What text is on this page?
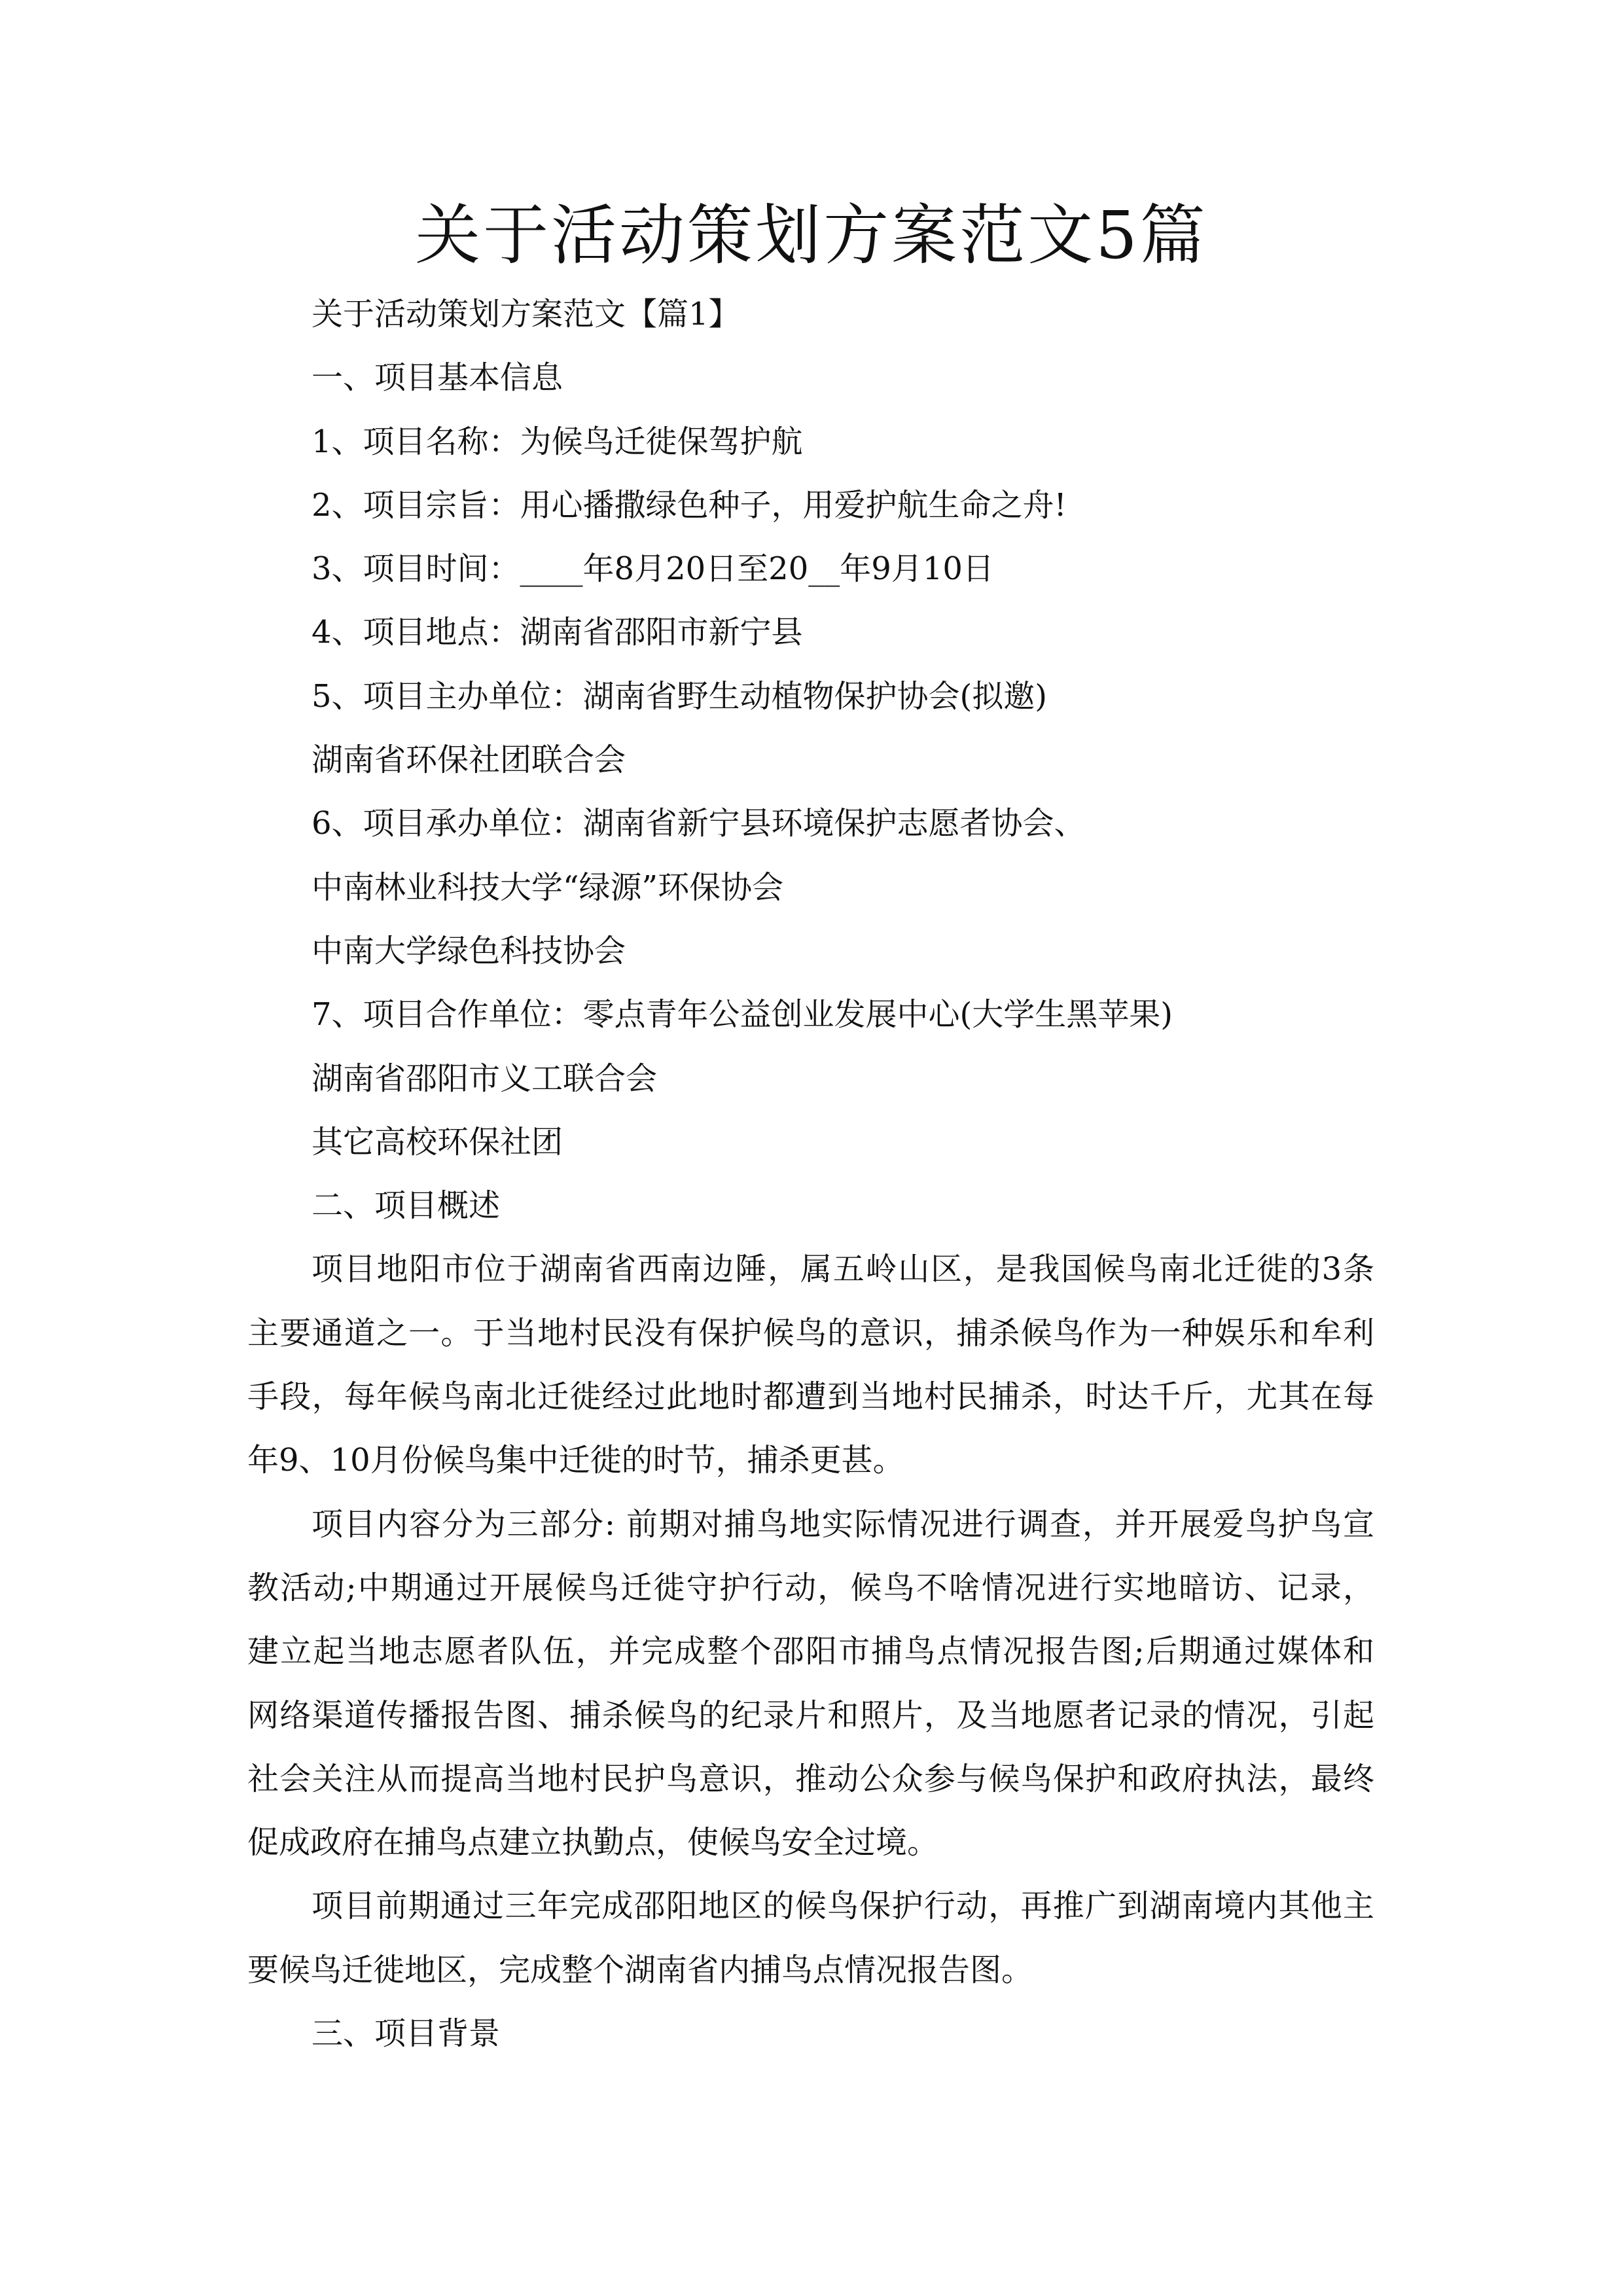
关于活动策划方案范文5篇
关于活动策划方案范文【篇1】
一、项目基本信息
1、项目名称：为候鸟迁徙保驾护航
2、项目宗旨：用心播撒绿色种子，用爱护航生命之舟!
3、项目时间：____年8月20日至20__年9月10日
4、项目地点：湖南省邵阳市新宁县
5、项目主办单位：湖南省野生动植物保护协会(拟邀)
湖南省环保社团联合会
6、项目承办单位：湖南省新宁县环境保护志愿者协会、
中南林业科技大学“绿源”环保协会
中南大学绿色科技协会
7、项目合作单位：零点青年公益创业发展中心(大学生黑苹果)
湖南省邵阳市义工联合会
其它高校环保社团
二、项目概述
项目地阳市位于湖南省西南边陲，属五岭山区，是我国候鸟南北迁徙的3条
主要通道之一。于当地村民没有保护候鸟的意识，捕杀候鸟作为一种娱乐和牟利
手段，每年候鸟南北迁徙经过此地时都遭到当地村民捕杀，时达千斤，尤其在每
年9、10月份候鸟集中迁徙的时节，捕杀更甚。
项目内容分为三部分: 前期对捕鸟地实际情况进行调查，并开展爱鸟护鸟宣
教活动;中期通过开展候鸟迁徙守护行动，候鸟不啥情况进行实地暗访、记录，
建立起当地志愿者队伍，并完成整个邵阳市捕鸟点情况报告图;后期通过媒体和
网络渠道传播报告图、捕杀候鸟的纪录片和照片，及当地愿者记录的情况，引起
社会关注从而提高当地村民护鸟意识，推动公众参与候鸟保护和政府执法，最终
促成政府在捕鸟点建立执勤点，使候鸟安全过境。
项目前期通过三年完成邵阳地区的候鸟保护行动，再推广到湖南境内其他主
要候鸟迁徙地区，完成整个湖南省内捕鸟点情况报告图。
三、项目背景
